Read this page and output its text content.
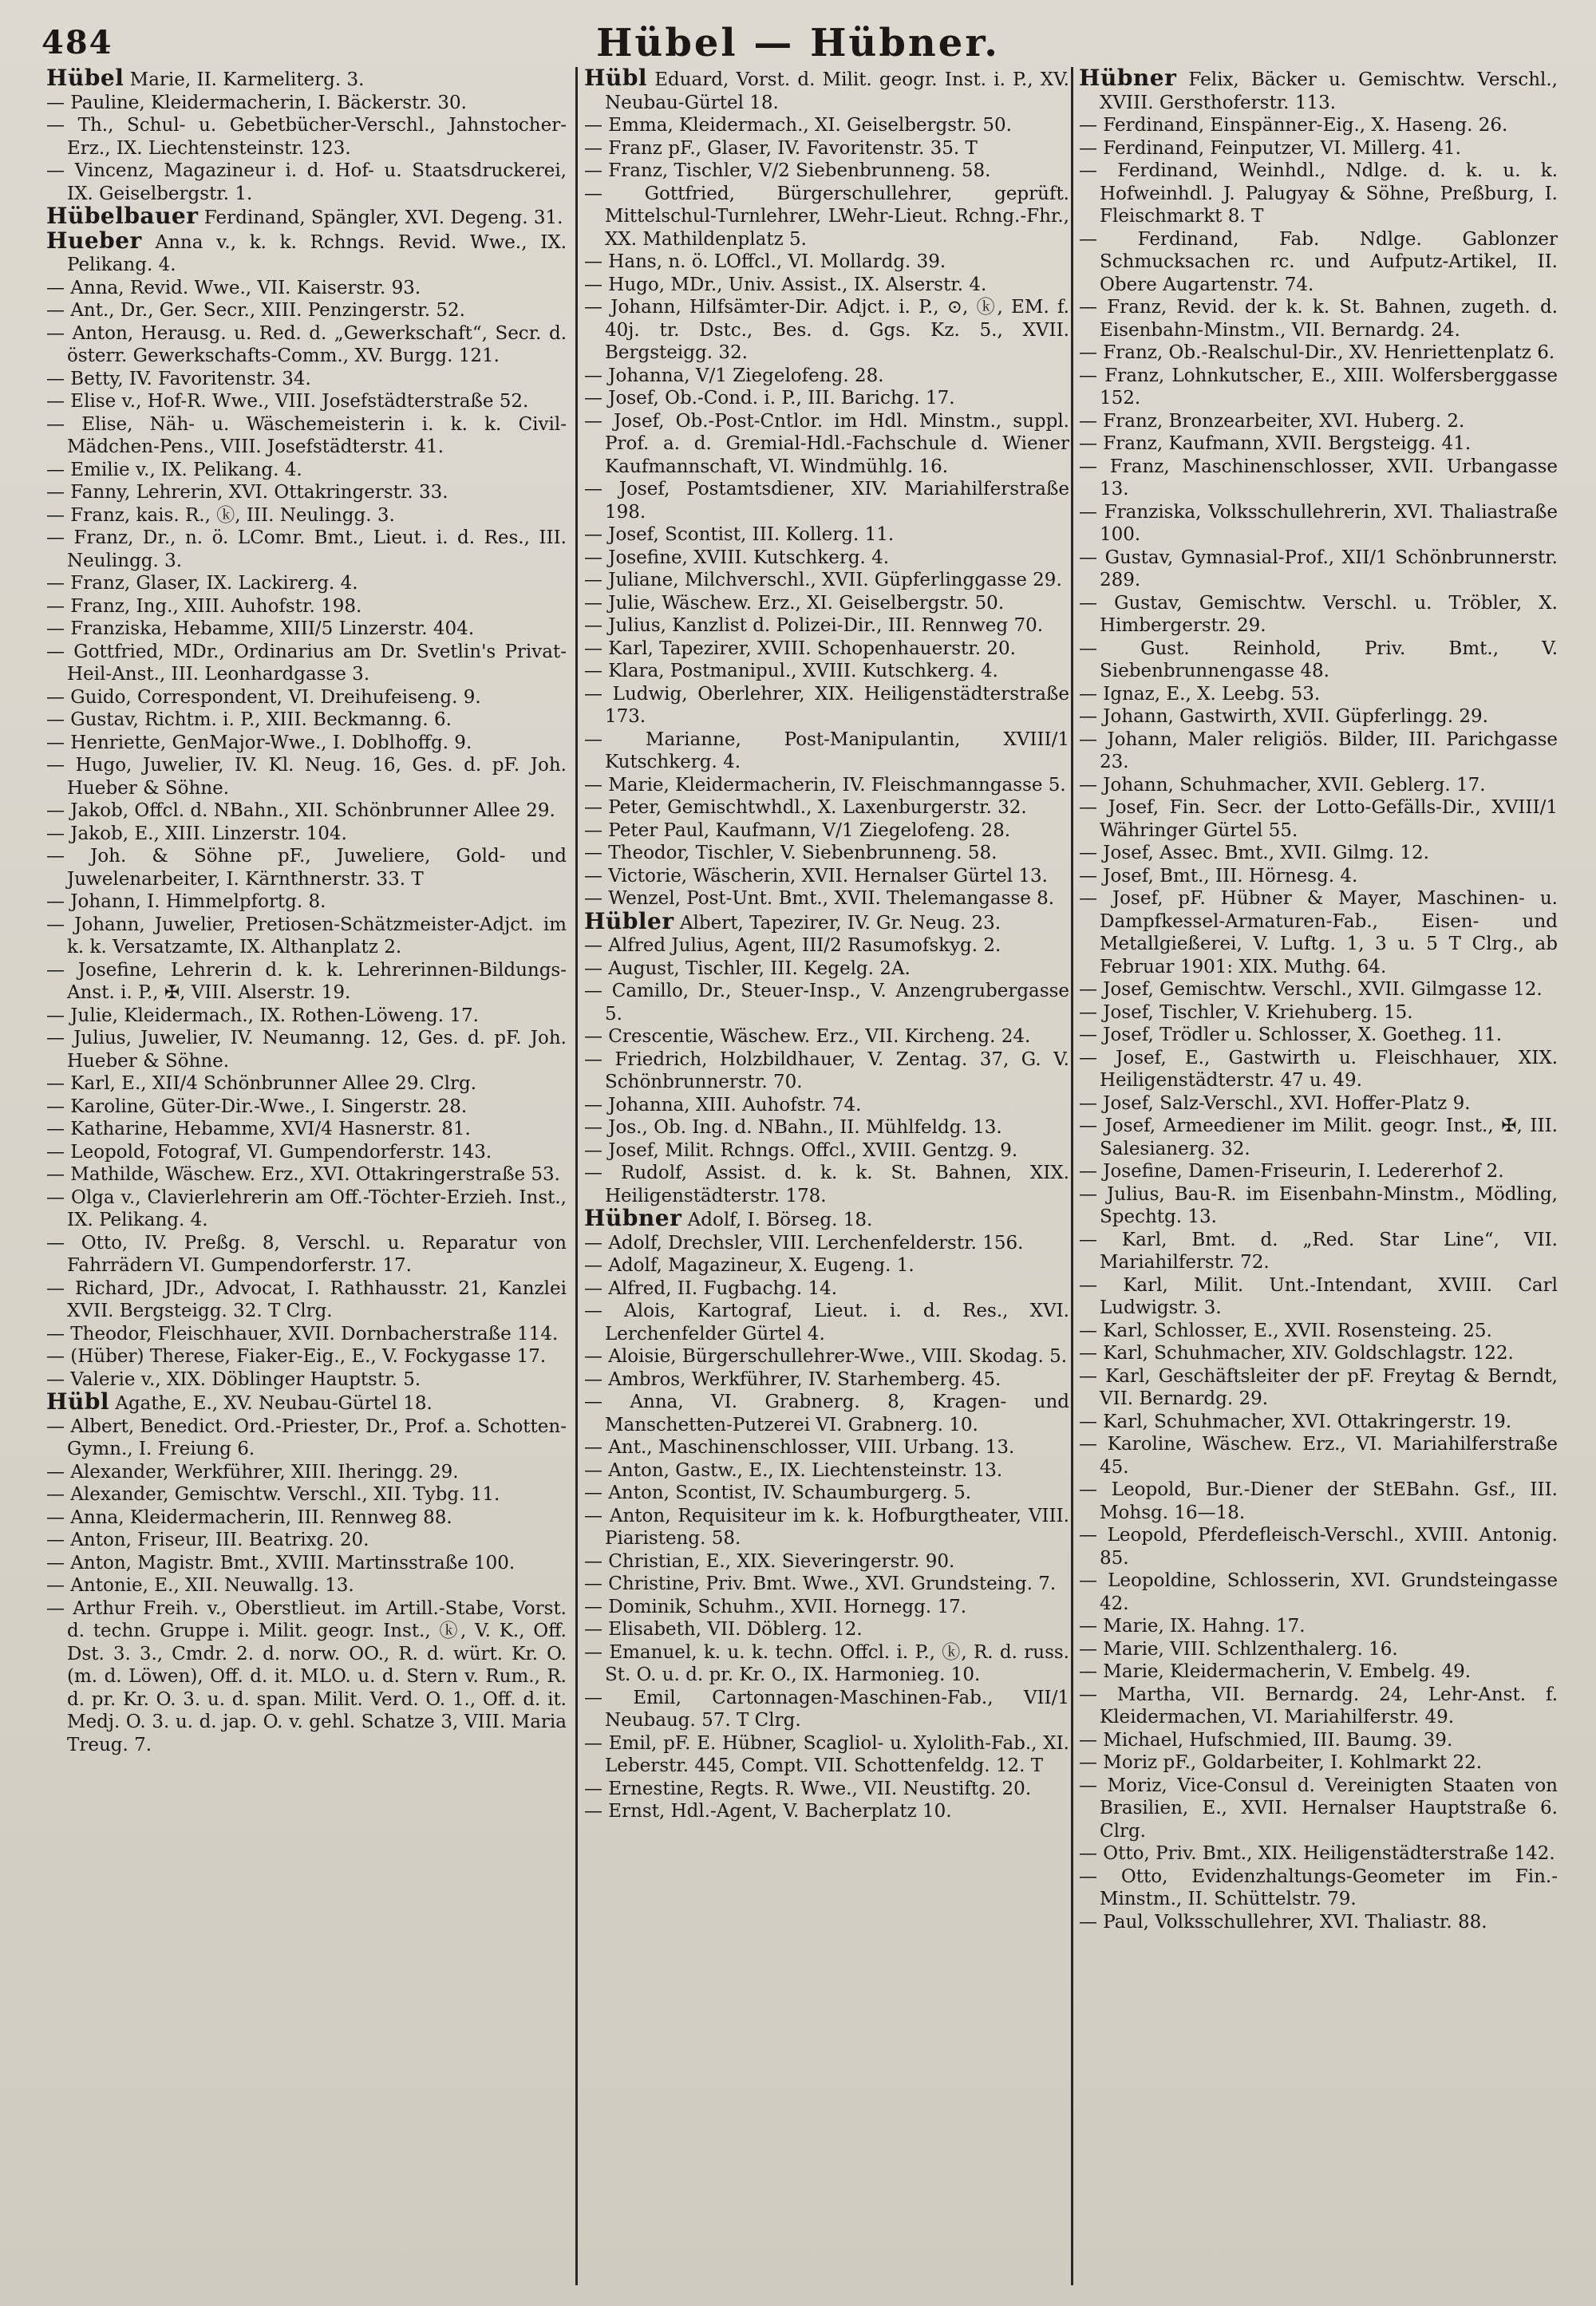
484	Hübel — Hübner.

Hübel Marie, II. Karmeliterg. 3.

— Pauline, Kleidermacherin, I. Bäckerstr. 30.

— Th., Schul- u. Gebetbücher-Verschl., Jahnstocher-Erz., IX. Liechtensteinstr. 123.

— Vincenz, Magazineur i. d. Hof- u. Staatsdruckerei, IX. Geiselbergstr. 1.

Hübelbauer Ferdinand, Spängler, XVI. Degeng. 31.

Hueber Anna v., k. k. Rchngs. Revid. Wwe., IX. Pelikang. 4.

— Anna, Revid. Wwe., VII. Kaiserstr. 93.

— Ant., Dr., Ger. Secr., XIII. Penzingerstr. 52.

— Anton, Herausg. u. Red. d. „Gewerkschaft“, Secr. d. österr. Gewerkschafts-Comm., XV. Burgg. 121.

— Betty, IV. Favoritenstr. 34.

— Elise v., Hof-R. Wwe., VIII. Josefstädterstraße 52.

— Elise, Näh- u. Wäschemeisterin i. k. k. Civil-Mädchen-Pens., VIII. Josefstädterstr. 41.

— Emilie v., IX. Pelikang. 4.

— Fanny, Lehrerin, XVI. Ottakringerstr. 33.

— Franz, kais. R., ⓚ, III. Neulingg. 3.

— Franz, Dr., n. ö. LComr. Bmt., Lieut. i. d. Res., III. Neulingg. 3.

— Franz, Glaser, IX. Lackirerg. 4.

— Franz, Ing., XIII. Auhofstr. 198.

— Franziska, Hebamme, XIII/5 Linzerstr. 404.

— Gottfried, MDr., Ordinarius am Dr. Svetlin's Privat-Heil-Anst., III. Leonhardgasse 3.

— Guido, Correspondent, VI. Dreihufeiseng. 9.

— Gustav, Richtm. i. P., XIII. Beckmanng. 6.

— Henriette, GenMajor-Wwe., I. Doblhoffg. 9.

— Hugo, Juwelier, IV. Kl. Neug. 16, Ges. d. pF. Joh. Hueber & Söhne.

— Jakob, Offcl. d. NBahn., XII. Schönbrunner Allee 29.

— Jakob, E., XIII. Linzerstr. 104.

— Joh. & Söhne pF., Juweliere, Gold- und Juwelenarbeiter, I. Kärnthnerstr. 33. T

— Johann, I. Himmelpfortg. 8.

— Johann, Juwelier, Pretiosen-Schätzmeister-Adjct. im k. k. Versatzamte, IX. Althanplatz 2.

— Josefine, Lehrerin d. k. k. Lehrerinnen-Bildungs-Anst. i. P., ✠, VIII. Alserstr. 19.

— Julie, Kleidermach., IX. Rothen-Löweng. 17.

— Julius, Juwelier, IV. Neumanng. 12, Ges. d. pF. Joh. Hueber & Söhne.

— Karl, E., XII/4 Schönbrunner Allee 29. Clrg.

— Karoline, Güter-Dir.-Wwe., I. Singerstr. 28.

— Katharine, Hebamme, XVI/4 Hasnerstr. 81.

— Leopold, Fotograf, VI. Gumpendorferstr. 143.

— Mathilde, Wäschew. Erz., XVI. Ottakringerstraße 53.

— Olga v., Clavierlehrerin am Off.-Töchter-Erzieh. Inst., IX. Pelikang. 4.

— Otto, IV. Preßg. 8, Verschl. u. Reparatur von Fahrrädern VI. Gumpendorferstr. 17.

— Richard, JDr., Advocat, I. Rathhausstr. 21, Kanzlei XVII. Bergsteigg. 32. T Clrg.

— Theodor, Fleischhauer, XVII. Dornbacherstraße 114.

— (Hüber) Therese, Fiaker-Eig., E., V. Fockygasse 17.

— Valerie v., XIX. Döblinger Hauptstr. 5.

Hübl Agathe, E., XV. Neubau-Gürtel 18.

— Albert, Benedict. Ord.-Priester, Dr., Prof. a. Schotten-Gymn., I. Freiung 6.

— Alexander, Werkführer, XIII. Iheringg. 29.

— Alexander, Gemischtw. Verschl., XII. Tybg. 11.

— Anna, Kleidermacherin, III. Rennweg 88.

— Anton, Friseur, III. Beatrixg. 20.

— Anton, Magistr. Bmt., XVIII. Martinsstraße 100.

— Antonie, E., XII. Neuwallg. 13.

— Arthur Freih. v., Oberstlieut. im Artill.-Stabe, Vorst. d. techn. Gruppe i. Milit. geogr. Inst., ⓚ, V. K., Off. Dst. 3. 3., Cmdr. 2. d. norw. OO., R. d. würt. Kr. O. (m. d. Löwen), Off. d. it. MLO. u. d. Stern v. Rum., R. d. pr. Kr. O. 3. u. d. span. Milit. Verd. O. 1., Off. d. it. Medj. O. 3. u. d. jap. O. v. gehl. Schatze 3, VIII. Maria Treug. 7.

Hübl Eduard, Vorst. d. Milit. geogr. Inst. i. P., XV. Neubau-Gürtel 18.

— Emma, Kleidermach., XI. Geiselbergstr. 50.

— Franz pF., Glaser, IV. Favoritenstr. 35. T

— Franz, Tischler, V/2 Siebenbrunneng. 58.

— Gottfried, Bürgerschullehrer, geprüft. Mittelschul-Turnlehrer, LWehr-Lieut. Rchng.-Fhr., XX. Mathildenplatz 5.

— Hans, n. ö. LOffcl., VI. Mollardg. 39.

— Hugo, MDr., Univ. Assist., IX. Alserstr. 4.

— Johann, Hilfsämter-Dir. Adjct. i. P., ⊙, ⓚ, EM. f. 40j. tr. Dstc., Bes. d. Ggs. Kz. 5., XVII. Bergsteigg. 32.

— Johanna, V/1 Ziegelofeng. 28.

— Josef, Ob.-Cond. i. P., III. Barichg. 17.

— Josef, Ob.-Post-Cntlor. im Hdl. Minstm., suppl. Prof. a. d. Gremial-Hdl.-Fachschule d. Wiener Kaufmannschaft, VI. Windmühlg. 16.

— Josef, Postamtsdiener, XIV. Mariahilferstraße 198.

— Josef, Scontist, III. Kollerg. 11.

— Josefine, XVIII. Kutschkerg. 4.

— Juliane, Milchverschl., XVII. Güpferlinggasse 29.

— Julie, Wäschew. Erz., XI. Geiselbergstr. 50.

— Julius, Kanzlist d. Polizei-Dir., III. Rennweg 70.

— Karl, Tapezirer, XVIII. Schopenhauerstr. 20.

— Klara, Postmanipul., XVIII. Kutschkerg. 4.

— Ludwig, Oberlehrer, XIX. Heiligenstädterstraße 173.

— Marianne, Post-Manipulantin, XVIII/1 Kutschkerg. 4.

— Marie, Kleidermacherin, IV. Fleischmanngasse 5.

— Peter, Gemischtwhdl., X. Laxenburgerstr. 32.

— Peter Paul, Kaufmann, V/1 Ziegelofeng. 28.

— Theodor, Tischler, V. Siebenbrunneng. 58.

— Victorie, Wäscherin, XVII. Hernalser Gürtel 13.

— Wenzel, Post-Unt. Bmt., XVII. Thelemangasse 8.

Hübler Albert, Tapezirer, IV. Gr. Neug. 23.

— Alfred Julius, Agent, III/2 Rasumofskyg. 2.

— August, Tischler, III. Kegelg. 2A.

— Camillo, Dr., Steuer-Insp., V. Anzengrubergasse 5.

— Crescentie, Wäschew. Erz., VII. Kircheng. 24.

— Friedrich, Holzbildhauer, V. Zentag. 37, G. V. Schönbrunnerstr. 70.

— Johanna, XIII. Auhofstr. 74.

— Jos., Ob. Ing. d. NBahn., II. Mühlfeldg. 13.

— Josef, Milit. Rchngs. Offcl., XVIII. Gentzg. 9.

— Rudolf, Assist. d. k. k. St. Bahnen, XIX. Heiligenstädterstr. 178.

Hübner Adolf, I. Börseg. 18.

— Adolf, Drechsler, VIII. Lerchenfelderstr. 156.

— Adolf, Magazineur, X. Eugeng. 1.

— Alfred, II. Fugbachg. 14.

— Alois, Kartograf, Lieut. i. d. Res., XVI. Lerchenfelder Gürtel 4.

— Aloisie, Bürgerschullehrer-Wwe., VIII. Skodag. 5.

— Ambros, Werkführer, IV. Starhemberg. 45.

— Anna, VI. Grabnerg. 8, Kragen- und Manschetten-Putzerei VI. Grabnerg. 10.

— Ant., Maschinenschlosser, VIII. Urbang. 13.

— Anton, Gastw., E., IX. Liechtensteinstr. 13.

— Anton, Scontist, IV. Schaumburgerg. 5.

— Anton, Requisiteur im k. k. Hofburgtheater, VIII. Piaristeng. 58.

— Christian, E., XIX. Sieveringerstr. 90.

— Christine, Priv. Bmt. Wwe., XVI. Grundsteing. 7.

— Dominik, Schuhm., XVII. Hornegg. 17.

— Elisabeth, VII. Döblerg. 12.

— Emanuel, k. u. k. techn. Offcl. i. P., ⓚ, R. d. russ. St. O. u. d. pr. Kr. O., IX. Harmonieg. 10.

— Emil, Cartonnagen-Maschinen-Fab., VII/1 Neubaug. 57. T Clrg.

— Emil, pF. E. Hübner, Scagliol- u. Xylolith-Fab., XI. Leberstr. 445, Compt. VII. Schottenfeldg. 12. T

— Ernestine, Regts. R. Wwe., VII. Neustiftg. 20.

— Ernst, Hdl.-Agent, V. Bacherplatz 10.

Hübner Felix, Bäcker u. Gemischtw. Verschl., XVIII. Gersthoferstr. 113.

— Ferdinand, Einspänner-Eig., X. Haseng. 26.

— Ferdinand, Feinputzer, VI. Millerg. 41.

— Ferdinand, Weinhdl., Ndlge. d. k. u. k. Hofweinhdl. J. Palugyay & Söhne, Preßburg, I. Fleischmarkt 8. T

— Ferdinand, Fab. Ndlge. Gablonzer Schmucksachen rc. und Aufputz-Artikel, II. Obere Augartenstr. 74.

— Franz, Revid. der k. k. St. Bahnen, zugeth. d. Eisenbahn-Minstm., VII. Bernardg. 24.

— Franz, Ob.-Realschul-Dir., XV. Henriettenplatz 6.

— Franz, Lohnkutscher, E., XIII. Wolfersberggasse 152.

— Franz, Bronzearbeiter, XVI. Huberg. 2.

— Franz, Kaufmann, XVII. Bergsteigg. 41.

— Franz, Maschinenschlosser, XVII. Urbangasse 13.

— Franziska, Volksschullehrerin, XVI. Thaliastraße 100.

— Gustav, Gymnasial-Prof., XII/1 Schönbrunnerstr. 289.

— Gustav, Gemischtw. Verschl. u. Tröbler, X. Himbergerstr. 29.

— Gust. Reinhold, Priv. Bmt., V. Siebenbrunnengasse 48.

— Ignaz, E., X. Leebg. 53.

— Johann, Gastwirth, XVII. Güpferlingg. 29.

— Johann, Maler religiös. Bilder, III. Parichgasse 23.

— Johann, Schuhmacher, XVII. Geblerg. 17.

— Josef, Fin. Secr. der Lotto-Gefälls-Dir., XVIII/1 Währinger Gürtel 55.

— Josef, Assec. Bmt., XVII. Gilmg. 12.

— Josef, Bmt., III. Hörnesg. 4.

— Josef, pF. Hübner & Mayer, Maschinen- u. Dampfkessel-Armaturen-Fab., Eisen- und Metallgießerei, V. Luftg. 1, 3 u. 5 T Clrg., ab Februar 1901: XIX. Muthg. 64.

— Josef, Gemischtw. Verschl., XVII. Gilmgasse 12.

— Josef, Tischler, V. Kriehuberg. 15.

— Josef, Trödler u. Schlosser, X. Goetheg. 11.

— Josef, E., Gastwirth u. Fleischhauer, XIX. Heiligenstädterstr. 47 u. 49.

— Josef, Salz-Verschl., XVI. Hoffer-Platz 9.

— Josef, Armeediener im Milit. geogr. Inst., ✠, III. Salesianerg. 32.

— Josefine, Damen-Friseurin, I. Ledererhof 2.

— Julius, Bau-R. im Eisenbahn-Minstm., Mödling, Spechtg. 13.

— Karl, Bmt. d. „Red. Star Line“, VII. Mariahilferstr. 72.

— Karl, Milit. Unt.-Intendant, XVIII. Carl Ludwigstr. 3.

— Karl, Schlosser, E., XVII. Rosensteing. 25.

— Karl, Schuhmacher, XIV. Goldschlagstr. 122.

— Karl, Geschäftsleiter der pF. Freytag & Berndt, VII. Bernardg. 29.

— Karl, Schuhmacher, XVI. Ottakringerstr. 19.

— Karoline, Wäschew. Erz., VI. Mariahilferstraße 45.

— Leopold, Bur.-Diener der StEBahn. Gsf., III. Mohsg. 16—18.

— Leopold, Pferdefleisch-Verschl., XVIII. Antonig. 85.

— Leopoldine, Schlosserin, XVI. Grundsteingasse 42.

— Marie, IX. Hahng. 17.

— Marie, VIII. Schlzenthalerg. 16.

— Marie, Kleidermacherin, V. Embelg. 49.

— Martha, VII. Bernardg. 24, Lehr-Anst. f. Kleidermachen, VI. Mariahilferstr. 49.

— Michael, Hufschmied, III. Baumg. 39.

— Moriz pF., Goldarbeiter, I. Kohlmarkt 22.

— Moriz, Vice-Consul d. Vereinigten Staaten von Brasilien, E., XVII. Hernalser Hauptstraße 6. Clrg.

— Otto, Priv. Bmt., XIX. Heiligenstädterstraße 142.

— Otto, Evidenzhaltungs-Geometer im Fin.-Minstm., II. Schüttelstr. 79.

— Paul, Volksschullehrer, XVI. Thaliastr. 88.
